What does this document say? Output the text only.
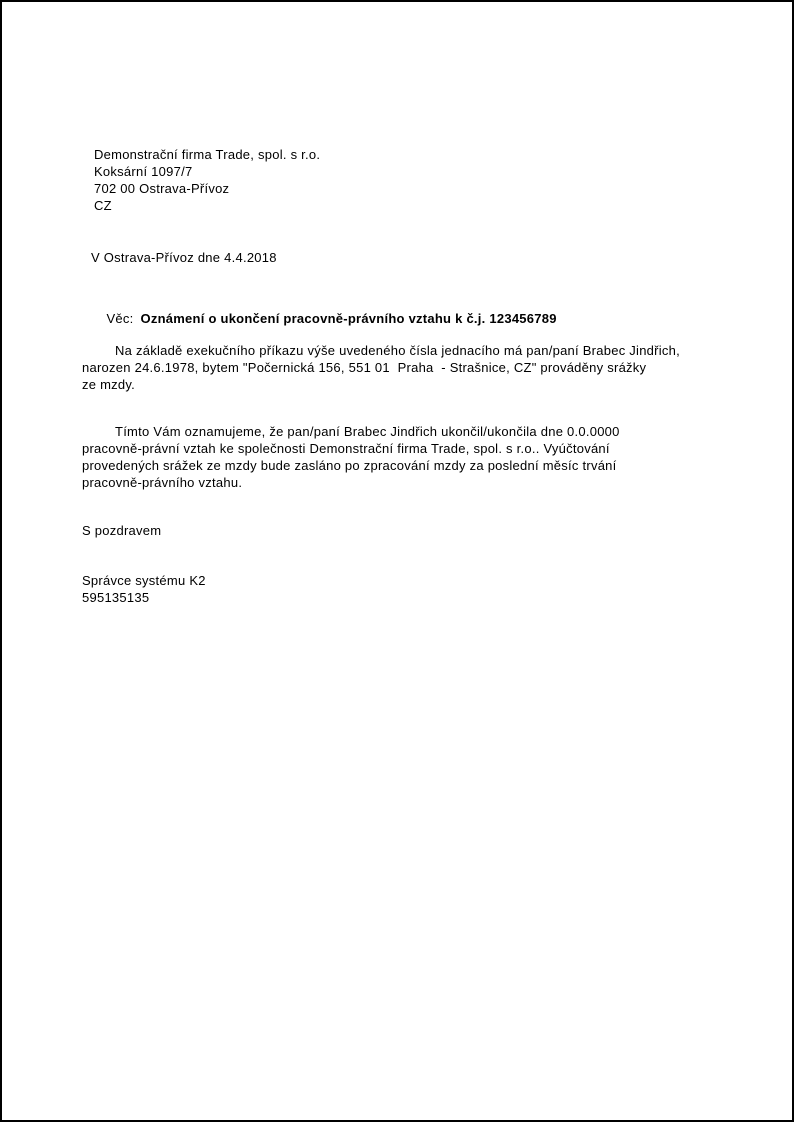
Demonstrační firma Trade, spol. s r.o.
Koksární 1097/7
702 00 Ostrava-Přívoz
CZ
V Ostrava-Přívoz dne 4.4.2018

Věc: Oznámení o ukončení pracovně-právního vztahu k č.j. 123456789

Na základě exekučního příkazu výše uvedeného čísla jednacího má pan/paní Brabec Jindřich,
narozen 24.6.1978, bytem "Počernická 156, 551 01  Praha  - Strašnice, CZ" prováděny srážky
ze mzdy.
Tímto Vám oznamujeme, že pan/paní Brabec Jindřich ukončil/ukončila dne 0.0.0000
pracovně-právní vztah ke společnosti Demonstrační firma Trade, spol. s r.o.. Vyúčtování
provedených srážek ze mzdy bude zasláno po zpracování mzdy za poslední měsíc trvání
pracovně-právního vztahu.
S pozdravem
Správce systému K2
595135135
